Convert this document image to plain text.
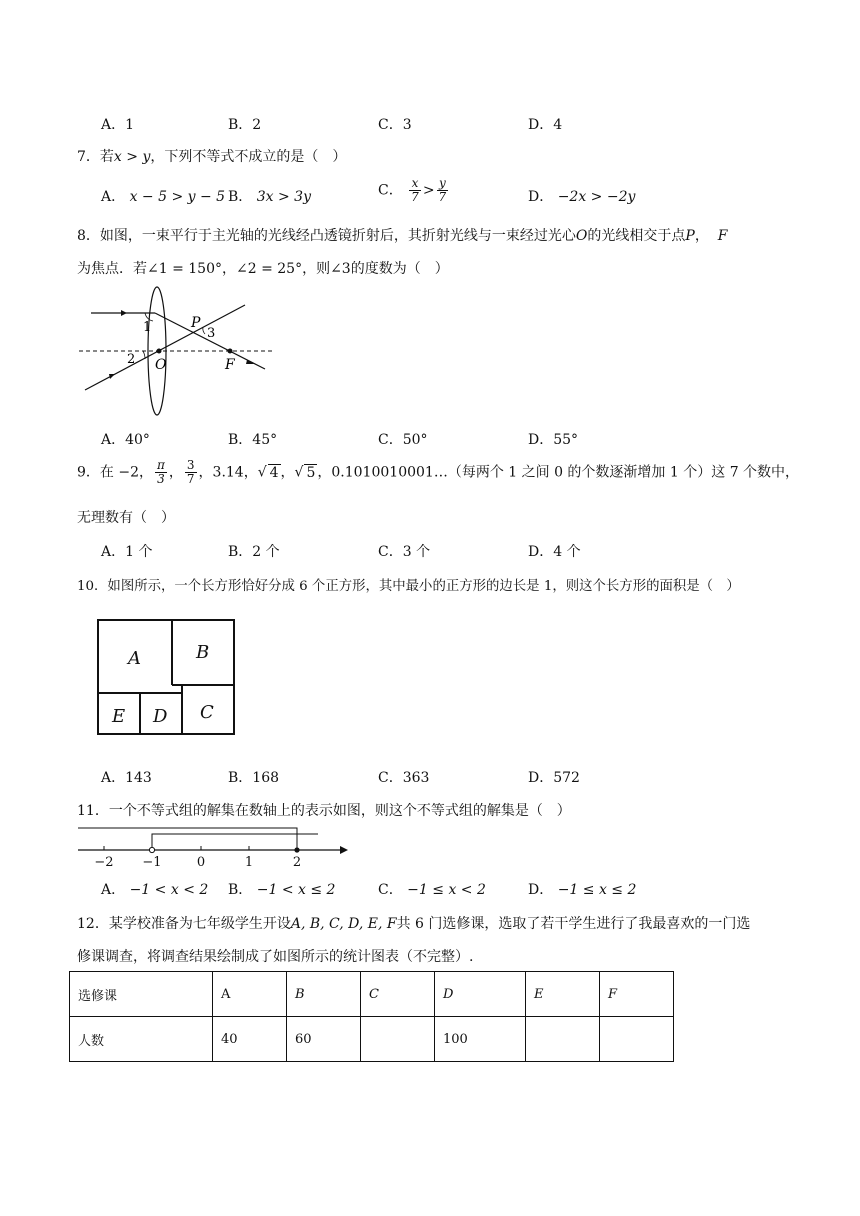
A．1	B．2	C．3	D．4
7．若x > y，下列不等式不成立的是（　）
A． x − 5 > y − 5 B． 3x > 3y	C． $\frac{x}{7} > \frac{y}{7}$	D． −2x > −2y
8．如图，一束平行于主光轴的光线经凸透镜折射后，其折射光线与一束经过光心O的光线相交于点P， F
为焦点．若∠1 = 150°，∠2 = 25°，则∠3的度数为（　）
1
2
3
P
O	F
A．40°	B．45°	C．50°	D．55°
9．在 −2， $\frac{\pi}{3}$ ， $\frac{3}{7}$ ，3.14，√ 4 ，√ 5 ，0.1010010001…（每两个 1 之间 0 的个数逐渐增加 1 个）这 7 个数中，
无理数有（　）
A．1 个	B．2 个	C．3 个	D．4 个
10．如图所示，一个长方形恰好分成 6 个正方形，其中最小的正方形的边长是 1，则这个长方形的面积是（　）
A	B
C
D
E
A．143	B．168	C．363	D．572
11．一个不等式组的解集在数轴上的表示如图，则这个不等式组的解集是（　）
−2 −1	0	1	2
A． −1 < x < 2 B． −1 < x ≤ 2	C． −1 ≤ x < 2	D． −1 ≤ x ≤ 2
12．某学校准备为七年级学生开设A, B, C, D, E, F共 6 门选修课，选取了若干学生进行了我最喜欢的一门选
修课调查，将调查结果绘制成了如图所示的统计图表（不完整）.
选修课	A	B	C	D	E	F
人数	40	60		100		
